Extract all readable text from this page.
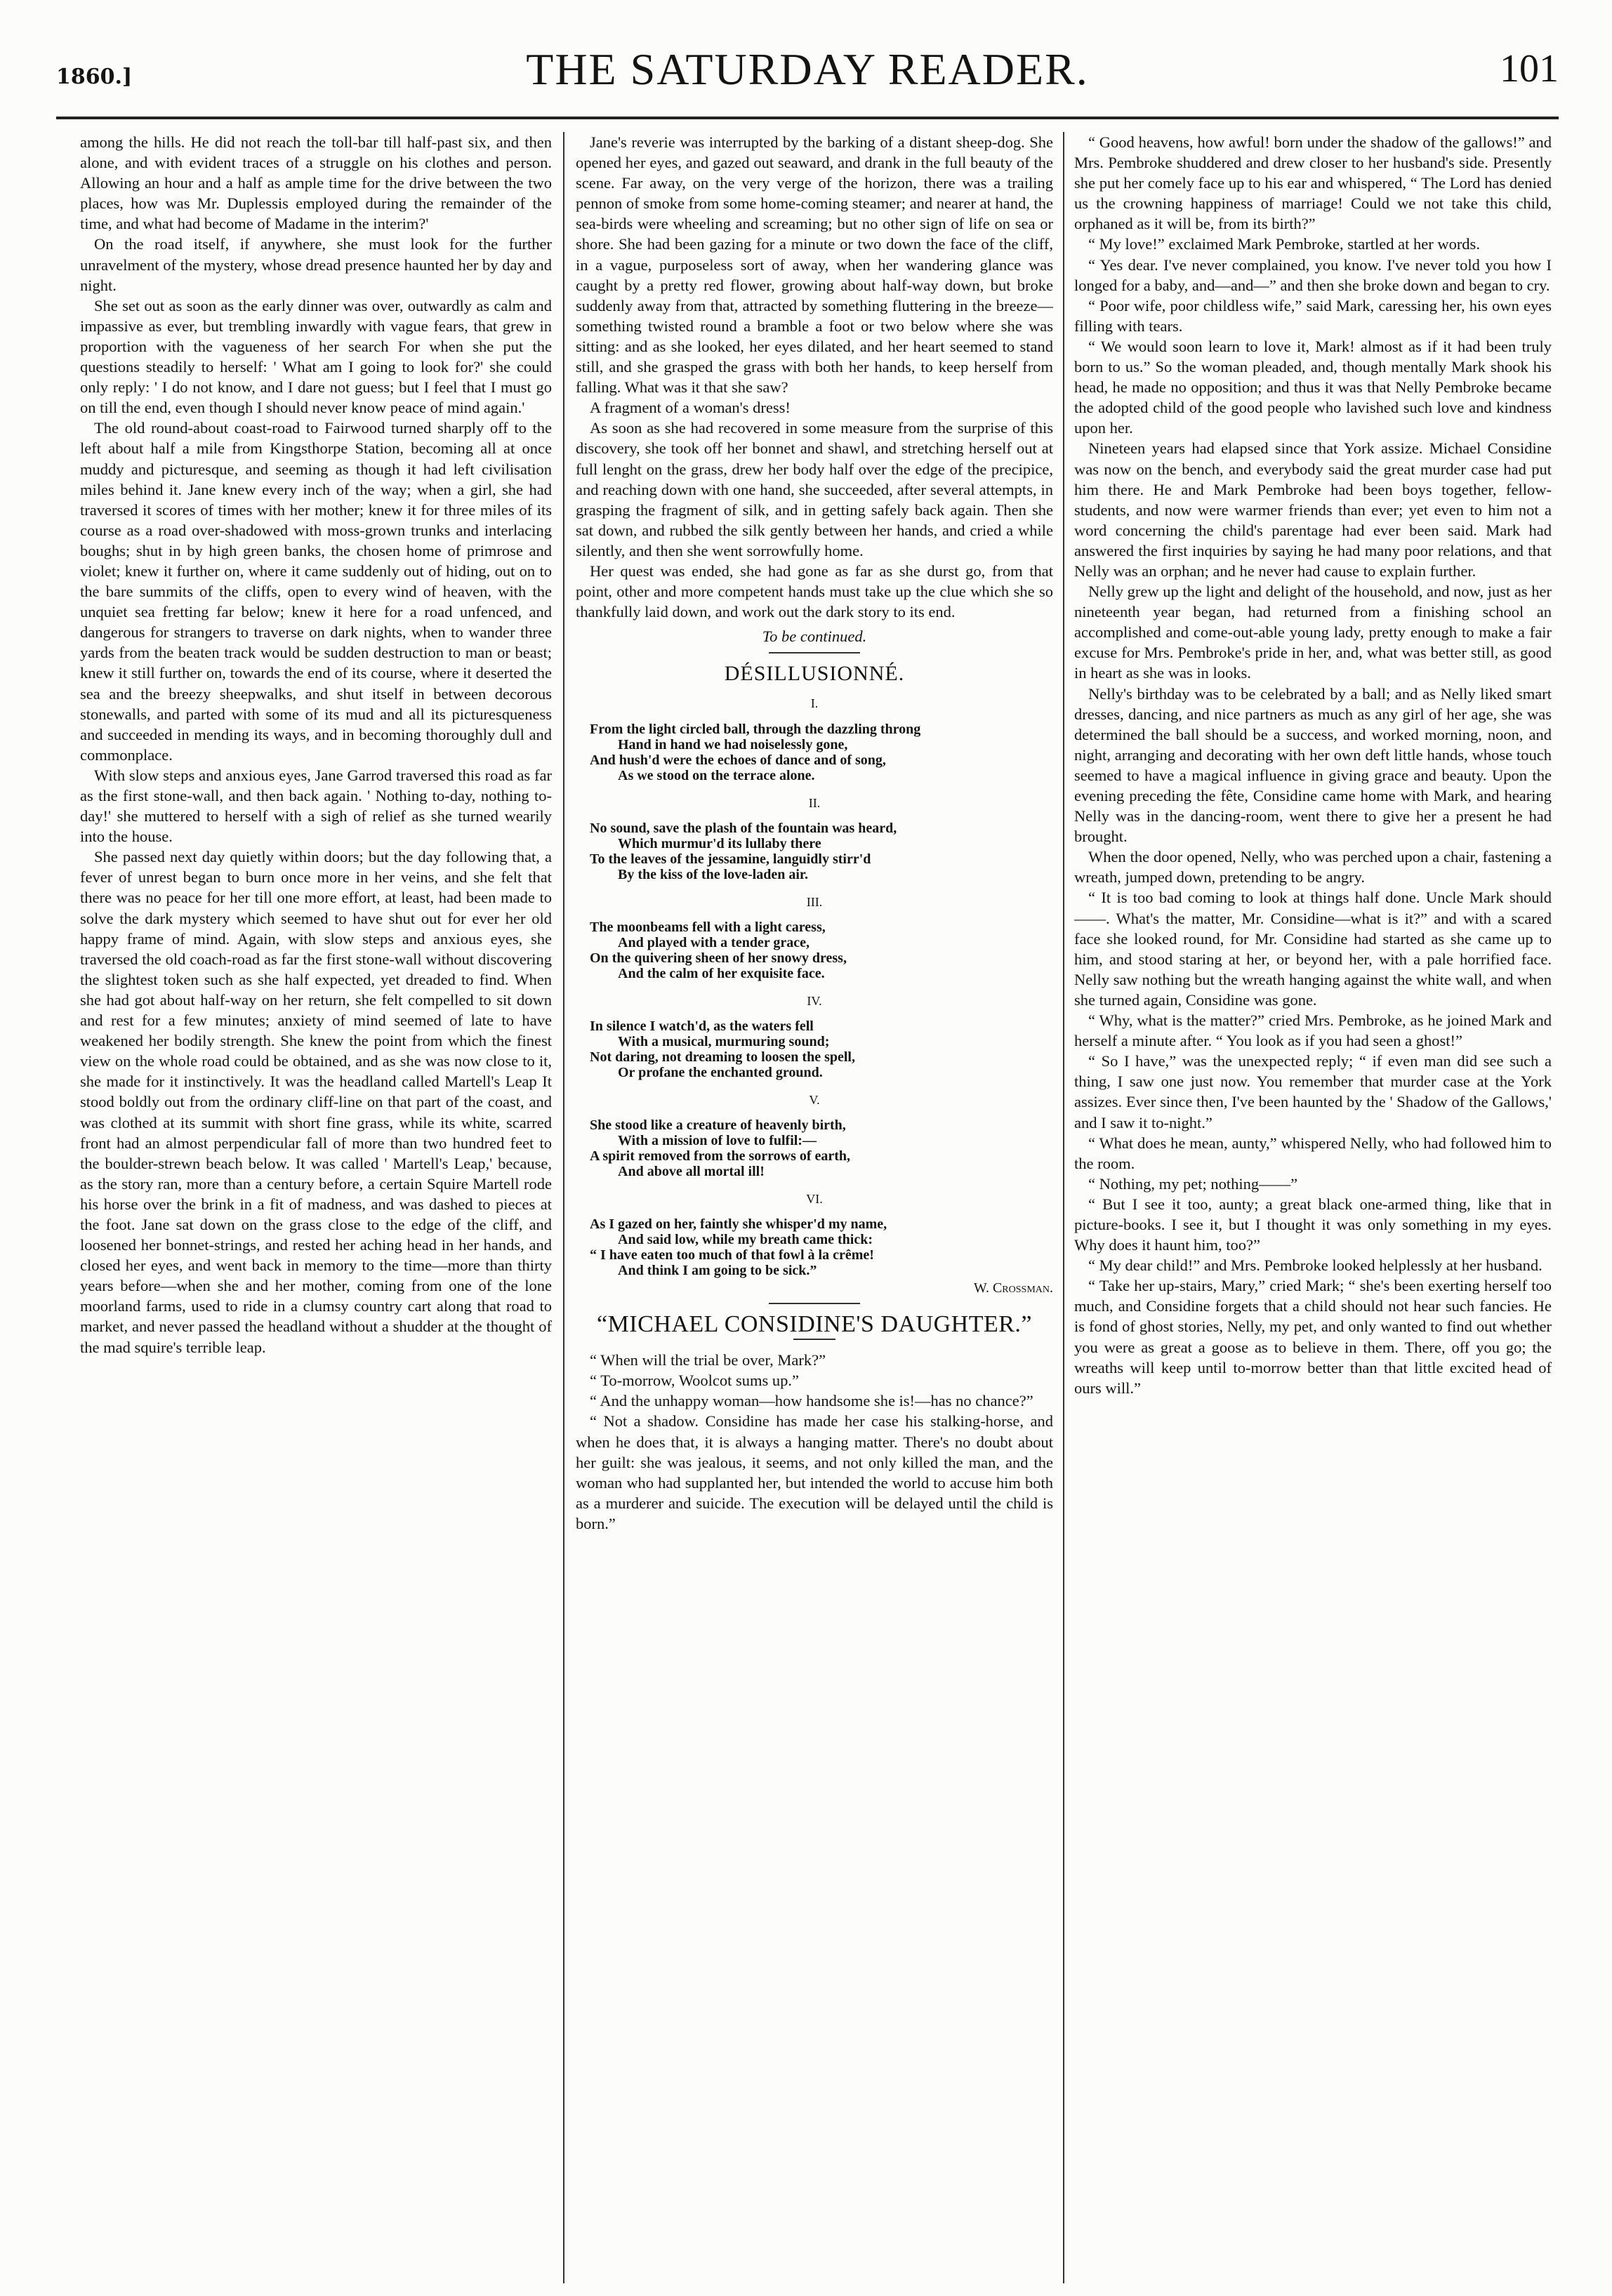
1860.]	THE SATURDAY READER.	101

among the hills. He did not reach the toll-bar till half-past six, and then alone, and with evident traces of a struggle on his clothes and person. Allowing an hour and a half as ample time for the drive between the two places, how was Mr. Duplessis employed during the remainder of the time, and what had become of Madame in the interim?'

On the road itself, if anywhere, she must look for the further unravelment of the mystery, whose dread presence haunted her by day and night.

She set out as soon as the early dinner was over, outwardly as calm and impassive as ever, but trembling inwardly with vague fears, that grew in proportion with the vagueness of her search For when she put the questions steadily to herself: ' What am I going to look for?' she could only reply: ' I do not know, and I dare not guess; but I feel that I must go on till the end, even though I should never know peace of mind again.'

The old round-about coast-road to Fairwood turned sharply off to the left about half a mile from Kingsthorpe Station, becoming all at once muddy and picturesque, and seeming as though it had left civilisation miles behind it. Jane knew every inch of the way; when a girl, she had traversed it scores of times with her mother; knew it for three miles of its course as a road over-shadowed with moss-grown trunks and interlacing boughs; shut in by high green banks, the chosen home of primrose and violet; knew it further on, where it came suddenly out of hiding, out on to the bare summits of the cliffs, open to every wind of heaven, with the unquiet sea fretting far below; knew it here for a road unfenced, and dangerous for strangers to traverse on dark nights, when to wander three yards from the beaten track would be sudden destruction to man or beast; knew it still further on, towards the end of its course, where it deserted the sea and the breezy sheepwalks, and shut itself in between decorous stonewalls, and parted with some of its mud and all its picturesqueness and succeeded in mending its ways, and in becoming thoroughly dull and commonplace.

With slow steps and anxious eyes, Jane Garrod traversed this road as far as the first stone-wall, and then back again. ' Nothing to-day, nothing to-day!' she muttered to herself with a sigh of relief as she turned wearily into the house.

She passed next day quietly within doors; but the day following that, a fever of unrest began to burn once more in her veins, and she felt that there was no peace for her till one more effort, at least, had been made to solve the dark mystery which seemed to have shut out for ever her old happy frame of mind. Again, with slow steps and anxious eyes, she traversed the old coach-road as far the first stone-wall without discovering the slightest token such as she half expected, yet dreaded to find. When she had got about half-way on her return, she felt compelled to sit down and rest for a few minutes; anxiety of mind seemed of late to have weakened her bodily strength. She knew the point from which the finest view on the whole road could be obtained, and as she was now close to it, she made for it instinctively. It was the headland called Martell's Leap It stood boldly out from the ordinary cliff-line on that part of the coast, and was clothed at its summit with short fine grass, while its white, scarred front had an almost perpendicular fall of more than two hundred feet to the boulder-strewn beach below. It was called ' Martell's Leap,' because, as the story ran, more than a century before, a certain Squire Martell rode his horse over the brink in a fit of madness, and was dashed to pieces at the foot. Jane sat down on the grass close to the edge of the cliff, and loosened her bonnet-strings, and rested her aching head in her hands, and closed her eyes, and went back in memory to the time—more than thirty years before—when she and her mother, coming from one of the lone moorland farms, used to ride in a clumsy country cart along that road to market, and never passed the headland without a shudder at the thought of the mad squire's terrible leap.

Jane's reverie was interrupted by the barking of a distant sheep-dog. She opened her eyes, and gazed out seaward, and drank in the full beauty of the scene. Far away, on the very verge of the horizon, there was a trailing pennon of smoke from some home-coming steamer; and nearer at hand, the sea-birds were wheeling and screaming; but no other sign of life on sea or shore. She had been gazing for a minute or two down the face of the cliff, in a vague, purposeless sort of away, when her wandering glance was caught by a pretty red flower, growing about half-way down, but broke suddenly away from that, attracted by something fluttering in the breeze—something twisted round a bramble a foot or two below where she was sitting: and as she looked, her eyes dilated, and her heart seemed to stand still, and she grasped the grass with both her hands, to keep herself from falling. What was it that she saw?

A fragment of a woman's dress!

As soon as she had recovered in some measure from the surprise of this discovery, she took off her bonnet and shawl, and stretching herself out at full lenght on the grass, drew her body half over the edge of the precipice, and reaching down with one hand, she succeeded, after several attempts, in grasping the fragment of silk, and in getting safely back again. Then she sat down, and rubbed the silk gently between her hands, and cried a while silently, and then she went sorrowfully home.

Her quest was ended, she had gone as far as she durst go, from that point, other and more competent hands must take up the clue which she so thankfully laid down, and work out the dark story to its end.

To be continued.

DÉSILLUSIONNÉ.
I.

From the light circled ball, through the dazzling throng
Hand in hand we had noiselessly gone,
And hush'd were the echoes of dance and of song,
As we stood on the terrace alone.

II.

No sound, save the plash of the fountain was heard,
Which murmur'd its lullaby there
To the leaves of the jessamine, languidly stirr'd
By the kiss of the love-laden air.

III.

The moonbeams fell with a light caress,
And played with a tender grace,
On the quivering sheen of her snowy dress,
And the calm of her exquisite face.

IV.

In silence I watch'd, as the waters fell
With a musical, murmuring sound;
Not daring, not dreaming to loosen the spell,
Or profane the enchanted ground.

V.

She stood like a creature of heavenly birth,
With a mission of love to fulfil:—
A spirit removed from the sorrows of earth,
And above all mortal ill!

VI.

As I gazed on her, faintly she whisper'd my name,
And said low, while my breath came thick:
“ I have eaten too much of that fowl à la crême!
And think I am going to be sick.”

W. Crossman.

“MICHAEL CONSIDINE'S DAUGHTER.”

“ When will the trial be over, Mark?”

“ To-morrow, Woolcot sums up.”

“ And the unhappy woman—how handsome she is!—has no chance?”

“ Not a shadow. Considine has made her case his stalking-horse, and when he does that, it is always a hanging matter. There's no doubt about her guilt: she was jealous, it seems, and not only killed the man, and the woman who had supplanted her, but intended the world to accuse him both as a murderer and suicide. The execution will be delayed until the child is born.”

“ Good heavens, how awful! born under the shadow of the gallows!” and Mrs. Pembroke shuddered and drew closer to her husband's side. Presently she put her comely face up to his ear and whispered, “ The Lord has denied us the crowning happiness of marriage! Could we not take this child, orphaned as it will be, from its birth?”

“ My love!” exclaimed Mark Pembroke, startled at her words.

“ Yes dear. I've never complained, you know. I've never told you how I longed for a baby, and—and—” and then she broke down and began to cry.

“ Poor wife, poor childless wife,” said Mark, caressing her, his own eyes filling with tears.

“ We would soon learn to love it, Mark! almost as if it had been truly born to us.” So the woman pleaded, and, though mentally Mark shook his head, he made no opposition; and thus it was that Nelly Pembroke became the adopted child of the good people who lavished such love and kindness upon her.

Nineteen years had elapsed since that York assize. Michael Considine was now on the bench, and everybody said the great murder case had put him there. He and Mark Pembroke had been boys together, fellow-students, and now were warmer friends than ever; yet even to him not a word concerning the child's parentage had ever been said. Mark had answered the first inquiries by saying he had many poor relations, and that Nelly was an orphan; and he never had cause to explain further.

Nelly grew up the light and delight of the household, and now, just as her nineteenth year began, had returned from a finishing school an accomplished and come-out-able young lady, pretty enough to make a fair excuse for Mrs. Pembroke's pride in her, and, what was better still, as good in heart as she was in looks.

Nelly's birthday was to be celebrated by a ball; and as Nelly liked smart dresses, dancing, and nice partners as much as any girl of her age, she was determined the ball should be a success, and worked morning, noon, and night, arranging and decorating with her own deft little hands, whose touch seemed to have a magical influence in giving grace and beauty. Upon the evening preceding the fête, Considine came home with Mark, and hearing Nelly was in the dancing-room, went there to give her a present he had brought.

When the door opened, Nelly, who was perched upon a chair, fastening a wreath, jumped down, pretending to be angry.

“ It is too bad coming to look at things half done. Uncle Mark should——. What's the matter, Mr. Considine—what is it?” and with a scared face she looked round, for Mr. Considine had started as she came up to him, and stood staring at her, or beyond her, with a pale horrified face. Nelly saw nothing but the wreath hanging against the white wall, and when she turned again, Considine was gone.

“ Why, what is the matter?” cried Mrs. Pembroke, as he joined Mark and herself a minute after. “ You look as if you had seen a ghost!”

“ So I have,” was the unexpected reply; “ if even man did see such a thing, I saw one just now. You remember that murder case at the York assizes. Ever since then, I've been haunted by the ' Shadow of the Gallows,' and I saw it to-night.”

“ What does he mean, aunty,” whispered Nelly, who had followed him to the room.

“ Nothing, my pet; nothing——”

“ But I see it too, aunty; a great black one-armed thing, like that in picture-books. I see it, but I thought it was only something in my eyes. Why does it haunt him, too?”

“ My dear child!” and Mrs. Pembroke looked helplessly at her husband.

“ Take her up-stairs, Mary,” cried Mark; “ she's been exerting herself too much, and Considine forgets that a child should not hear such fancies. He is fond of ghost stories, Nelly, my pet, and only wanted to find out whether you were as great a goose as to believe in them. There, off you go; the wreaths will keep until to-morrow better than that little excited head of ours will.”
